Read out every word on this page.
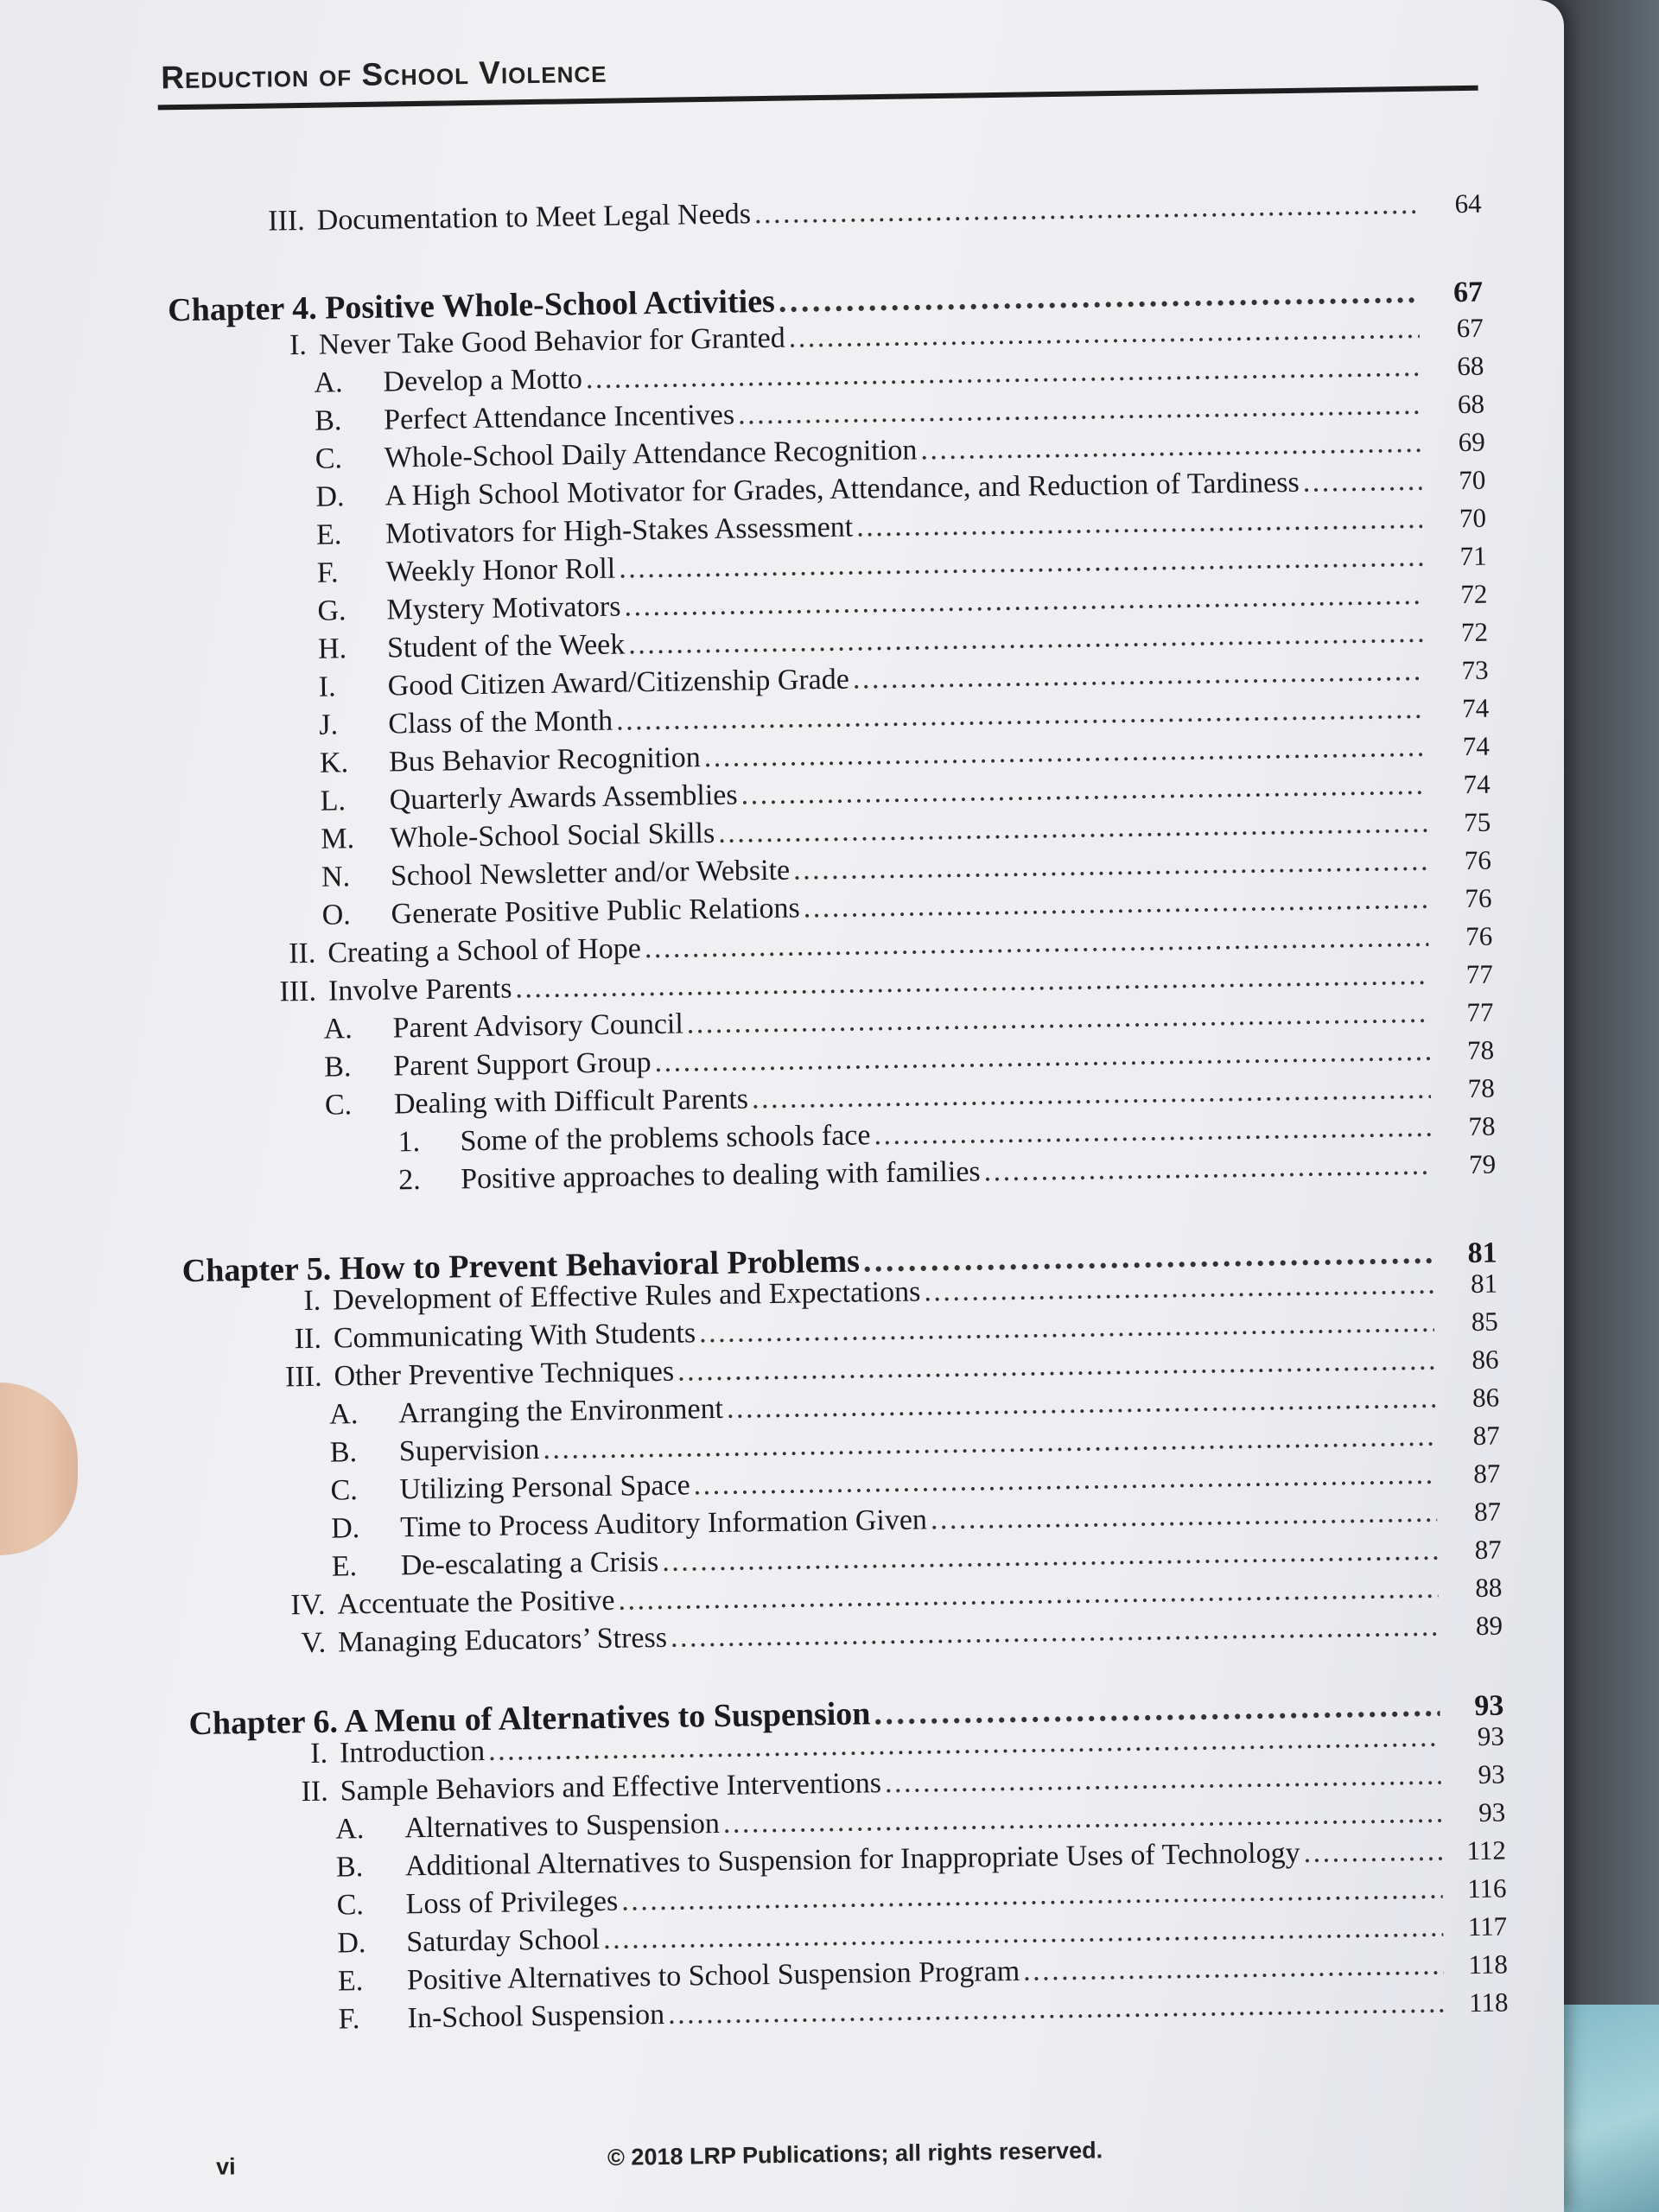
Reduction of School Violence
III. Documentation to Meet Legal Needs . . .	64
Chapter 4. Positive Whole-School Activities . . .	67
I. Never Take Good Behavior for Granted . . .	67
A.	Develop a Motto . . .	68
B.	Perfect Attendance Incentives . . .	68
C.	Whole-School Daily Attendance Recognition . . .	69
D.	A High School Motivator for Grades, Attendance, and Reduction of Tardiness . . .	70
E.	Motivators for High-Stakes Assessment . . .	70
F.	Weekly Honor Roll . . .	71
G.	Mystery Motivators . . .	72
H.	Student of the Week . . .	72
I.	Good Citizen Award/Citizenship Grade . . .	73
J.	Class of the Month . . .	74
K.	Bus Behavior Recognition . . .	74
L.	Quarterly Awards Assemblies . . .	74
M.	Whole-School Social Skills . . .	75
N.	School Newsletter and/or Website . . .	76
O.	Generate Positive Public Relations . . .	76
II. Creating a School of Hope . . .	76
III. Involve Parents . . .	77
A.	Parent Advisory Council . . .	77
B.	Parent Support Group . . .	78
C.	Dealing with Difficult Parents . . .	78
1.	Some of the problems schools face . . .	78
2.	Positive approaches to dealing with families . . .	79
Chapter 5. How to Prevent Behavioral Problems . . .	81
I. Development of Effective Rules and Expectations . . .	81
II. Communicating With Students . . .	85
III. Other Preventive Techniques . . .	86
A.	Arranging the Environment . . .	86
B.	Supervision . . .	87
C.	Utilizing Personal Space . . .	87
D.	Time to Process Auditory Information Given . . .	87
E.	De-escalating a Crisis . . .	87
IV. Accentuate the Positive . . .	88
V. Managing Educators’ Stress . . .	89
Chapter 6. A Menu of Alternatives to Suspension . . .	93
I. Introduction . . .	93
II. Sample Behaviors and Effective Interventions . . .	93
A.	Alternatives to Suspension . . .	93
B.	Additional Alternatives to Suspension for Inappropriate Uses of Technology . . .	112
C.	Loss of Privileges . . .	116
D.	Saturday School . . .	117
E.	Positive Alternatives to School Suspension Program . . .	118
F.	In-School Suspension . . .	118
vi	© 2018 LRP Publications; all rights reserved.
